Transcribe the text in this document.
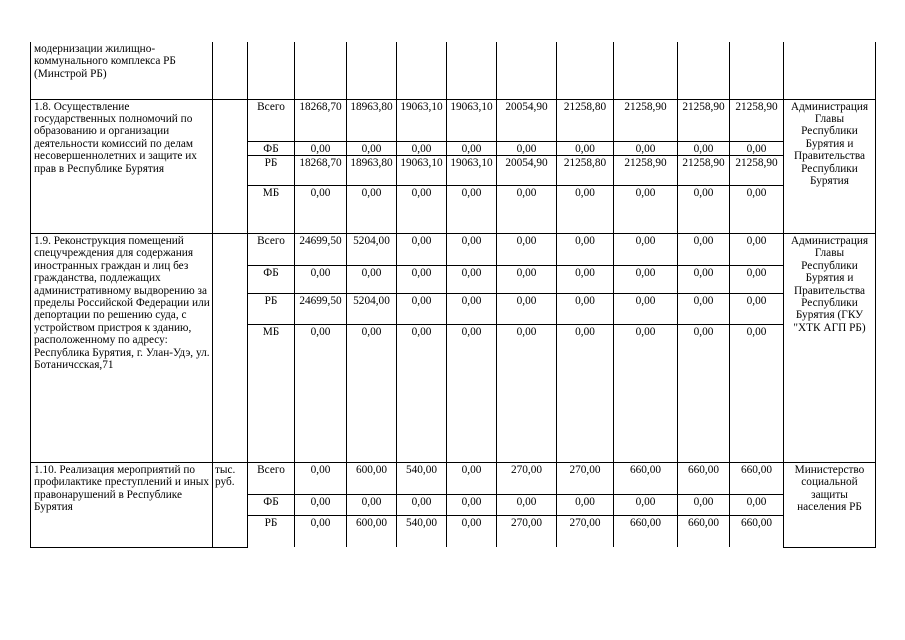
модернизации жилищно-коммунального комплекса РБ (Минстрой РБ)												
1.8. Осуществление государственных полномочий по образованию и организации деятельности комиссий по делам несовершеннолетних и защите их прав в Республике Бурятия		Всего	18268,70	18963,80	19063,10	19063,10	20054,90	21258,80	21258,90	21258,90	21258,90	Администрация Главы Республики Бурятия и Правительства Республики Бурятия
		ФБ	0,00	0,00	0,00	0,00	0,00	0,00	0,00	0,00	0,00	
		РБ	18268,70	18963,80	19063,10	19063,10	20054,90	21258,80	21258,90	21258,90	21258,90	
		МБ	0,00	0,00	0,00	0,00	0,00	0,00	0,00	0,00	0,00	
1.9. Реконструкция помещений спецучреждения для содержания иностранных граждан и лиц без гражданства, подлежащих административному выдворению за пределы Российской Федерации или депортации по решению суда, с устройством пристроя к зданию, расположенному по адресу: Республика Бурятия, г. Улан-Удэ, ул. Ботаничсская,71		Всего	24699,50	5204,00	0,00	0,00	0,00	0,00	0,00	0,00	0,00	Администрация Главы Республики Бурятия и Правительства Республики Бурятия (ГКУ "ХТК АГП РБ)
		ФБ	0,00	0,00	0,00	0,00	0,00	0,00	0,00	0,00	0,00	
		РБ	24699,50	5204,00	0,00	0,00	0,00	0,00	0,00	0,00	0,00	
		МБ	0,00	0,00	0,00	0,00	0,00	0,00	0,00	0,00	0,00	
1.10. Реализация мероприятий по профилактике преступлений и иных правонарушений в Республике Бурятия	тыс. руб.	Всего	0,00	600,00	540,00	0,00	270,00	270,00	660,00	660,00	660,00	Министерство социальной защиты населения РБ
		ФБ	0,00	0,00	0,00	0,00	0,00	0,00	0,00	0,00	0,00	
		РБ	0,00	600,00	540,00	0,00	270,00	270,00	660,00	660,00	660,00	
